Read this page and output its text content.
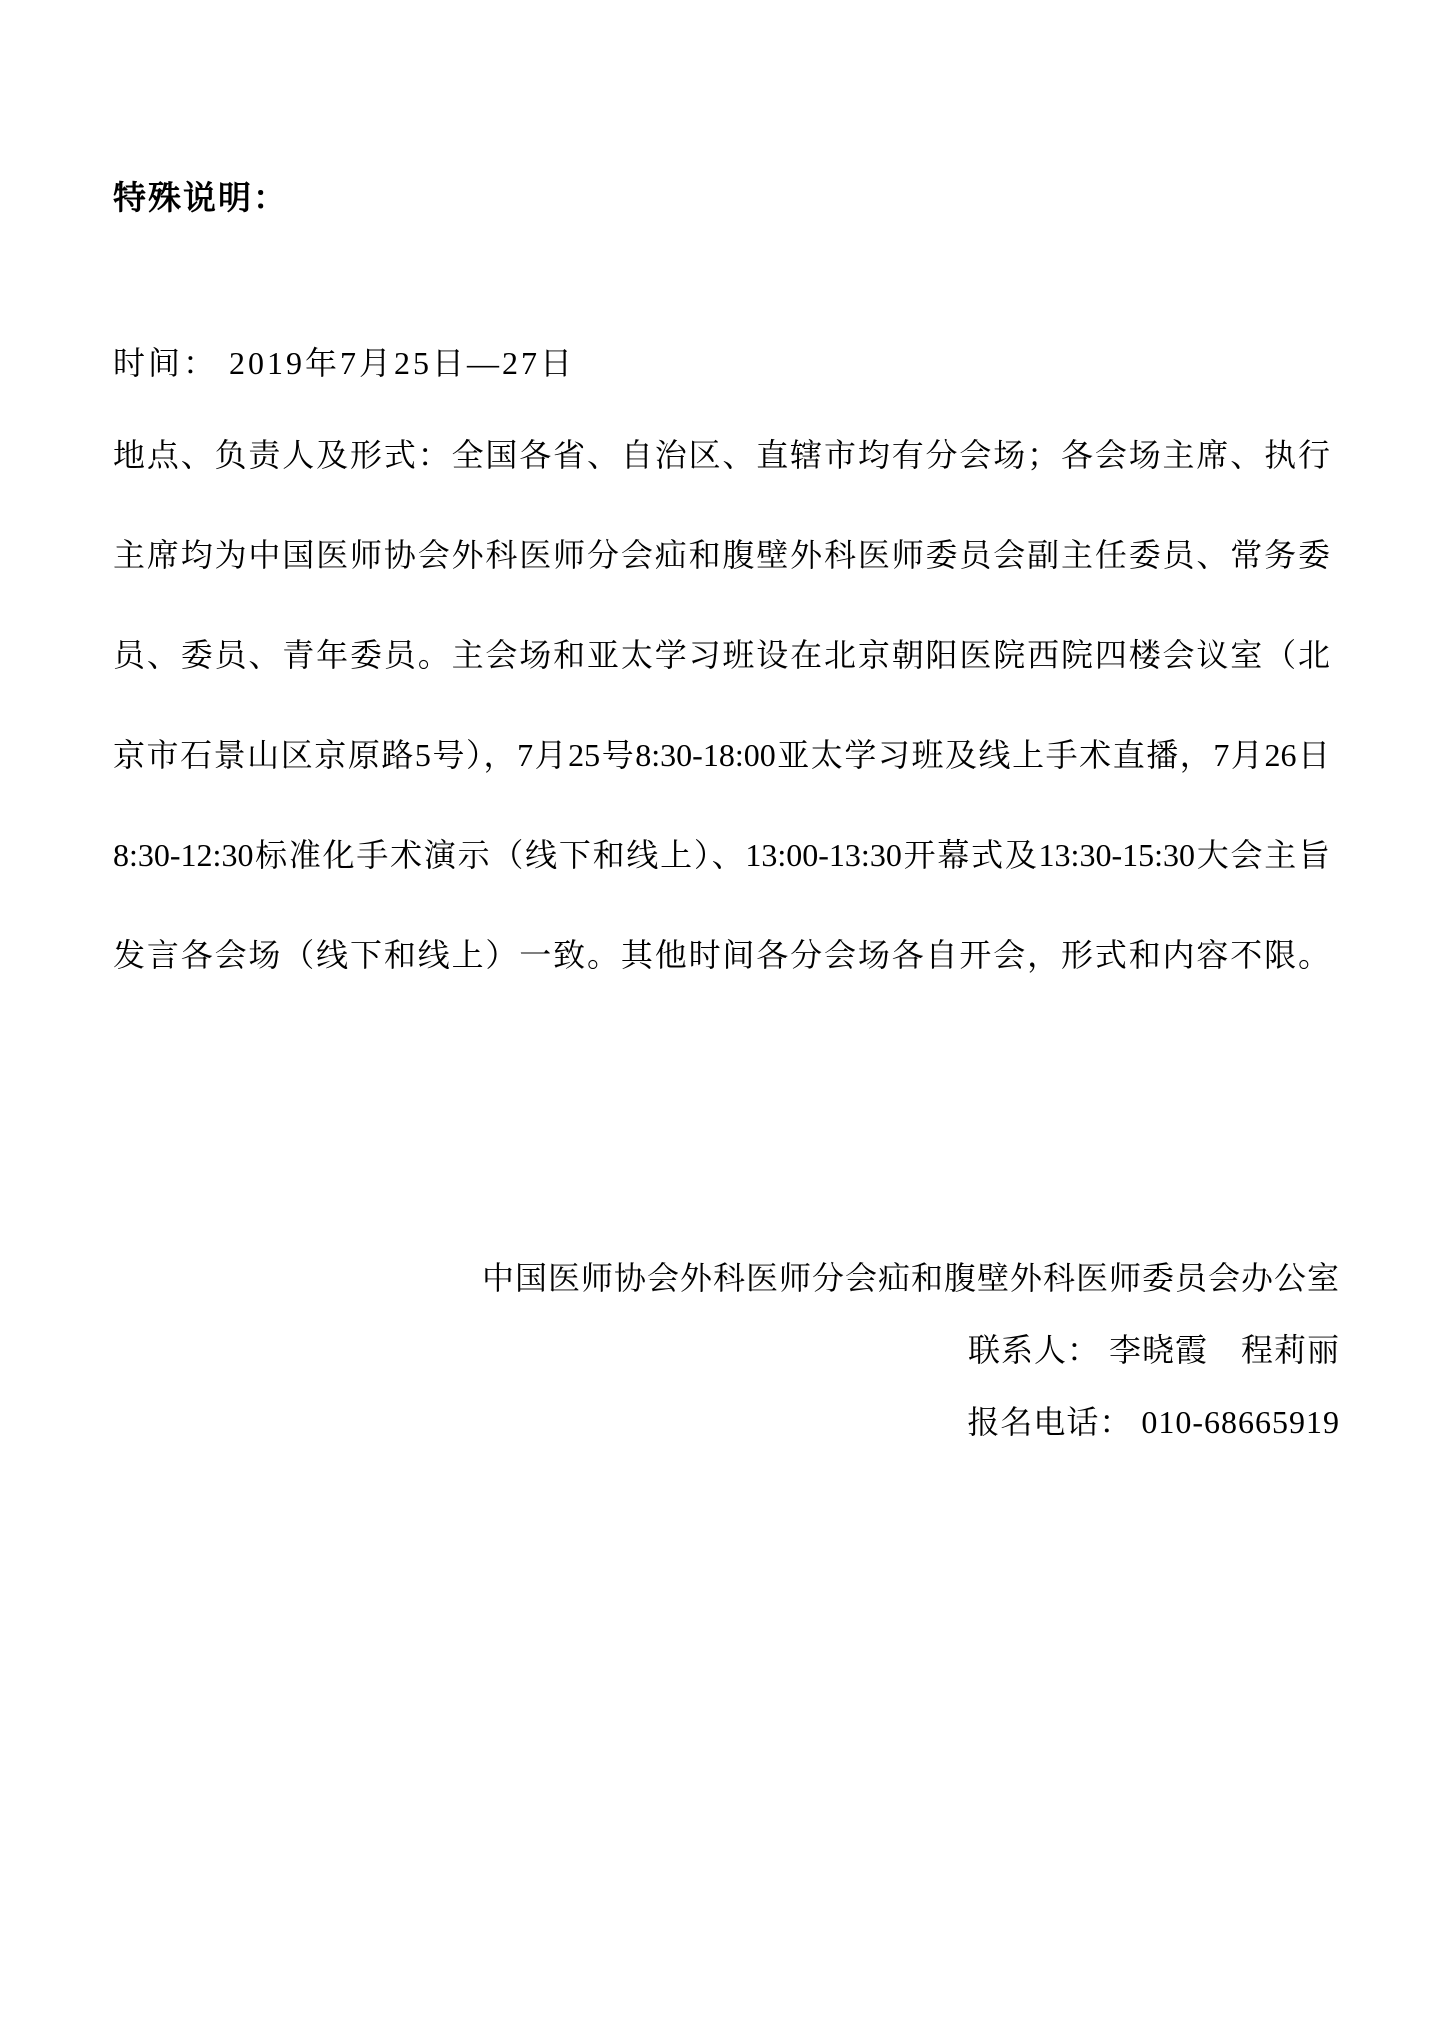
特殊说明：

时间： 2019年7月25日—27日

地点、负责人及形式：全国各省、自治区、直辖市均有分会场；各会场主席、执行
主席均为中国医师协会外科医师分会疝和腹壁外科医师委员会副主任委员、常务委
员、委员、青年委员。主会场和亚太学习班设在北京朝阳医院西院四楼会议室（北
京市石景山区京原路5号），7月25号8:30-18:00亚太学习班及线上手术直播，7月26日
8:30-12:30标准化手术演示（线下和线上）、13:00-13:30开幕式及13:30-15:30大会主旨
发言各会场（线下和线上）一致。其他时间各分会场各自开会，形式和内容不限。
中国医师协会外科医师分会疝和腹壁外科医师委员会办公室
联系人： 李晓霞　程莉丽
报名电话： 010-68665919
